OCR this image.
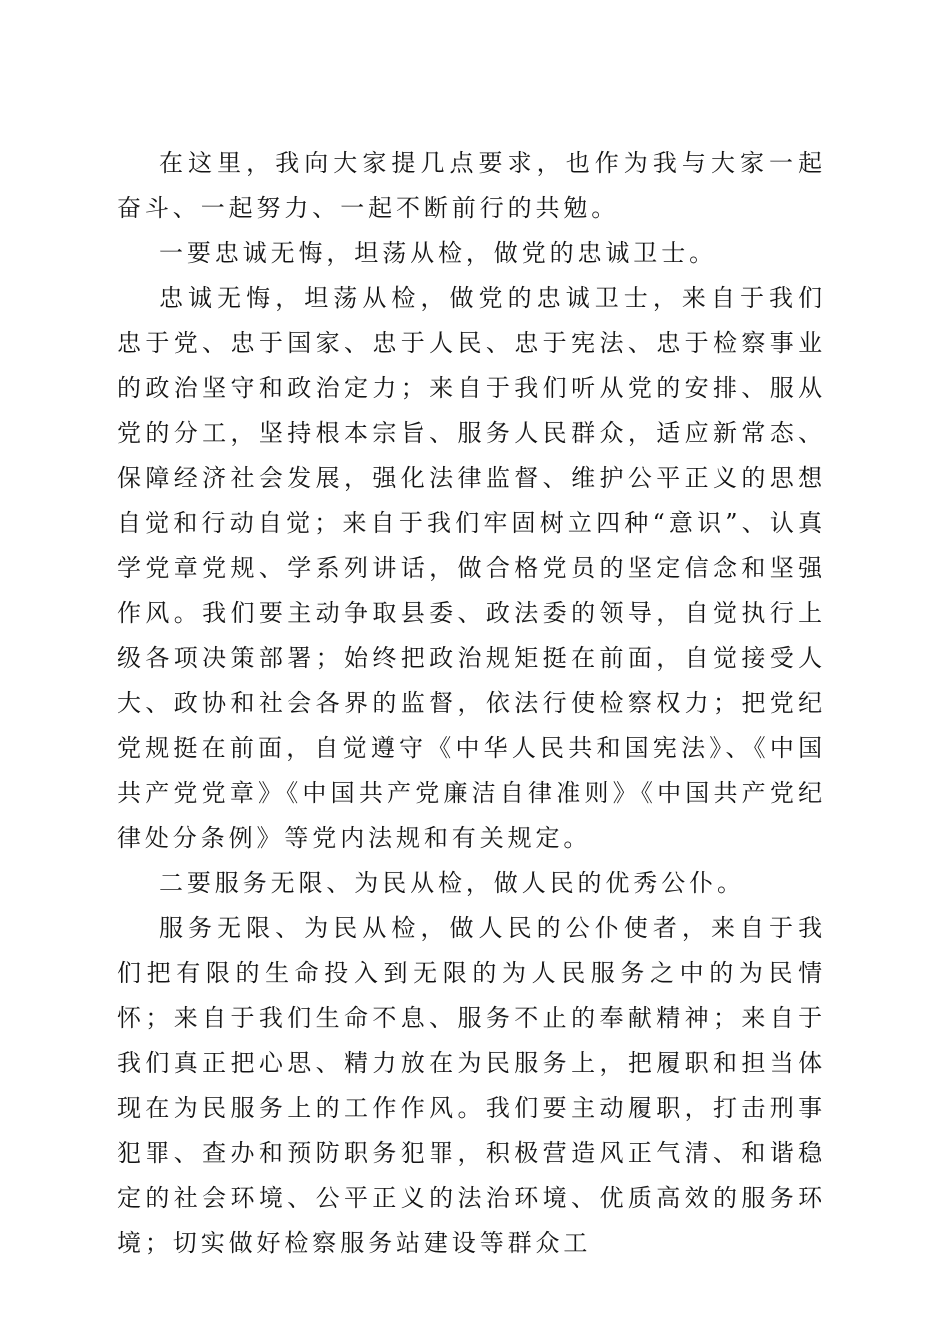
在这里，我向大家提几点要求，也作为我与大家一起奋斗、一起努力、一起不断前行的共勉。

一要忠诚无悔，坦荡从检，做党的忠诚卫士。

忠诚无悔，坦荡从检，做党的忠诚卫士，来自于我们忠于党、忠于国家、忠于人民、忠于宪法、忠于检察事业的政治坚守和政治定力；来自于我们听从党的安排、服从党的分工，坚持根本宗旨、服务人民群众，适应新常态、保障经济社会发展，强化法律监督、维护公平正义的思想自觉和行动自觉；来自于我们牢固树立四种“意识”、认真学党章党规、学系列讲话，做合格党员的坚定信念和坚强作风。我们要主动争取县委、政法委的领导，自觉执行上级各项决策部署；始终把政治规矩挺在前面，自觉接受人大、政协和社会各界的监督，依法行使检察权力；把党纪党规挺在前面，自觉遵守《中华人民共和国宪法》、《中国共产党党章》《中国共产党廉洁自律准则》《中国共产党纪律处分条例》等党内法规和有关规定。

二要服务无限、为民从检，做人民的优秀公仆。

服务无限、为民从检，做人民的公仆使者，来自于我们把有限的生命投入到无限的为人民服务之中的为民情怀；来自于我们生命不息、服务不止的奉献精神；来自于我们真正把心思、精力放在为民服务上，把履职和担当体现在为民服务上的工作作风。我们要主动履职，打击刑事犯罪、查办和预防职务犯罪，积极营造风正气清、和谐稳定的社会环境、公平正义的法治环境、优质高效的服务环境；切实做好检察服务站建设等群众工
